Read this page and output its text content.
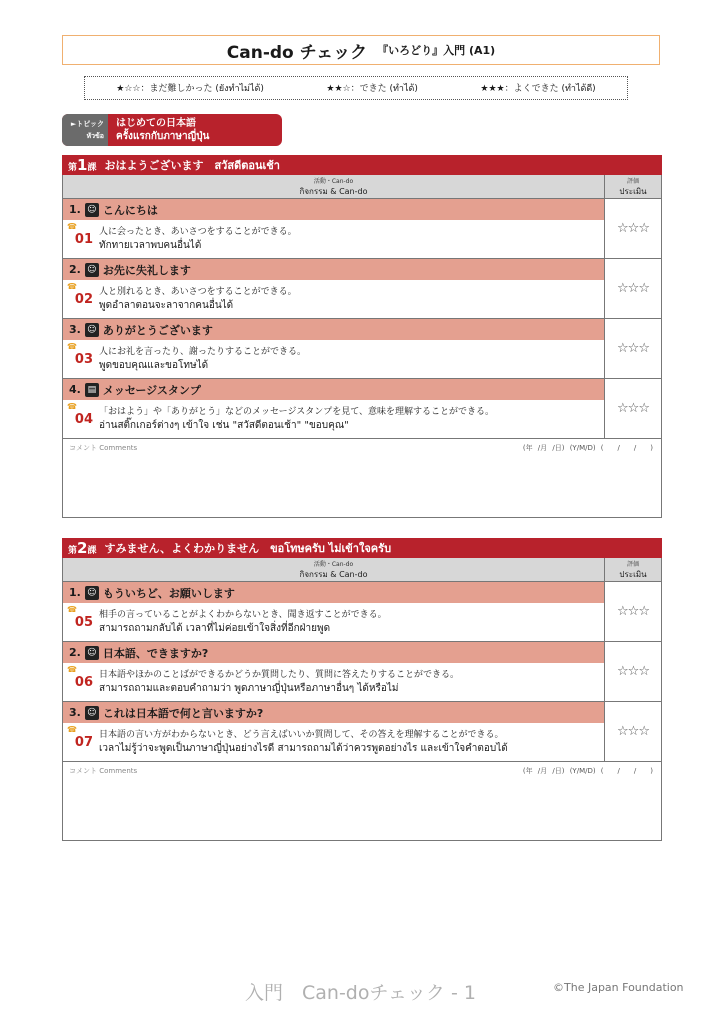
Can-do チェック 『いろどり』入門 (A1)
★☆☆：まだ難しかった (ยังทำไม่ได้)	★★☆：できた (ทำได้)	★★★：よくできた (ทำได้ดี)
►トピック
หัวข้อ
はじめての日本語
ครั้งแรกกับภาษาญี่ปุ่น
第1課 おはようございます　สวัสดีตอนเช้า
活動・Can-do
กิจกรรม & Can-do
評価
ประเมิน
1. ☺ こんにちは
☎
01 人に会ったとき、あいさつをすることができる。
ทักทายเวลาพบคนอื่นได้
☆☆☆
2. ☺ お先に失礼します
☎
02 人と別れるとき、あいさつをすることができる。
พูดอำลาตอนจะลาจากคนอื่นได้
☆☆☆
3. ☺ ありがとうございます
☎
03 人にお礼を言ったり、謝ったりすることができる。
พูดขอบคุณและขอโทษได้
☆☆☆
4. ▤ メッセージスタンプ
☎
04 「おはよう」や「ありがとう」などのメッセージスタンプを見て、意味を理解することができる。
อ่านสติ๊กเกอร์ต่างๆ เข้าใจ เช่น "สวัสดีตอนเช้า" "ขอบคุณ"
☆☆☆
コメント Comments	(年 /月 /日) (Y/M/D) (　　/　　/　　)
第2課 すみません、よくわかりません　ขอโทษครับ ไม่เข้าใจครับ
活動・Can-do
กิจกรรม & Can-do
評価
ประเมิน
1. ☺ もういちど、お願いします
☎
05 相手の言っていることがよくわからないとき、聞き返すことができる。
สามารถถามกลับได้ เวลาที่ไม่ค่อยเข้าใจสิ่งที่อีกฝ่ายพูด
☆☆☆
2. ☺ 日本語、できますか?
☎
06 日本語やほかのことばができるかどうか質問したり、質問に答えたりすることができる。
สามารถถามและตอบคำถามว่า พูดภาษาญี่ปุ่นหรือภาษาอื่นๆ ได้หรือไม่
☆☆☆
3. ☺ これは日本語で何と言いますか?
☎
07 日本語の言い方がわからないとき、どう言えばいいか質問して、その答えを理解することができる。
เวลาไม่รู้ว่าจะพูดเป็นภาษาญี่ปุ่นอย่างไรดี สามารถถามได้ว่าควรพูดอย่างไร และเข้าใจคำตอบได้
☆☆☆
コメント Comments	(年 /月 /日) (Y/M/D) (　　/　　/　　)
入門　Can-doチェック - 1	©The Japan Foundation
